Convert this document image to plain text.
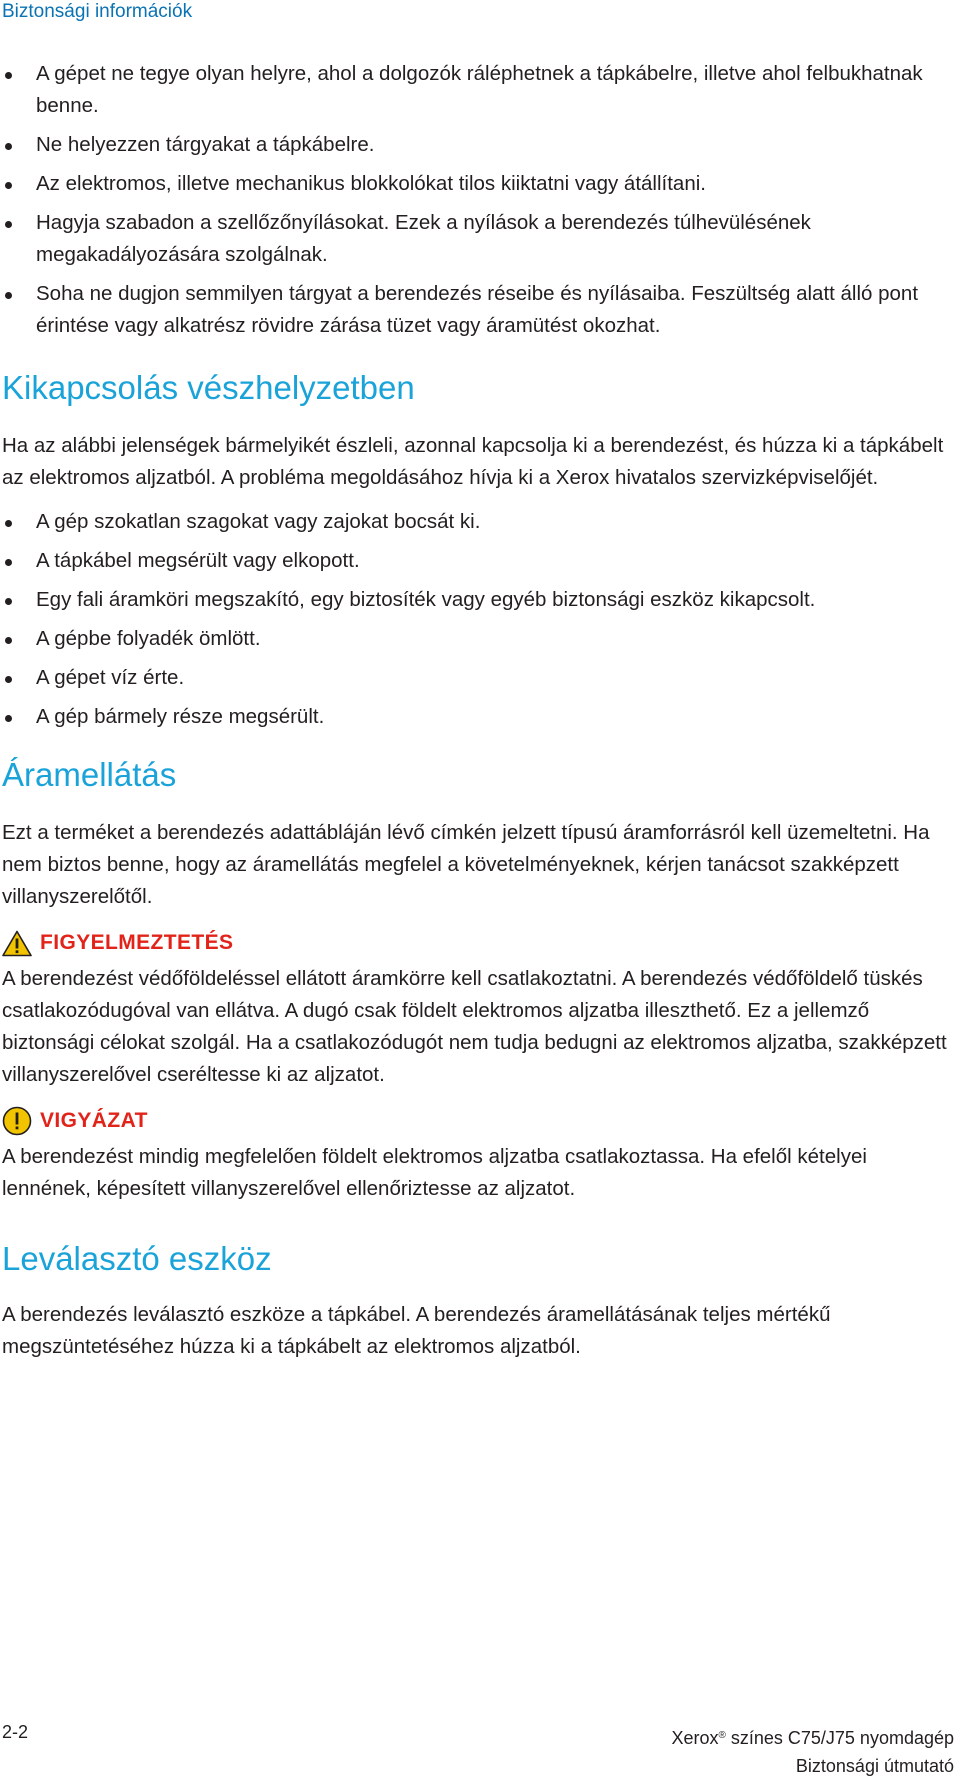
Biztonsági információk
A gépet ne tegye olyan helyre, ahol a dolgozók ráléphetnek a tápkábelre, illetve ahol felbukhatnak benne.
Ne helyezzen tárgyakat a tápkábelre.
Az elektromos, illetve mechanikus blokkolókat tilos kiiktatni vagy átállítani.
Hagyja szabadon a szellőzőnyílásokat. Ezek a nyílások a berendezés túlhevülésének megakadályozására szolgálnak.
Soha ne dugjon semmilyen tárgyat a berendezés réseibe és nyílásaiba. Feszültség alatt álló pont érintése vagy alkatrész rövidre zárása tüzet vagy áramütést okozhat.
Kikapcsolás vészhelyzetben

Ha az alábbi jelenségek bármelyikét észleli, azonnal kapcsolja ki a berendezést, és húzza ki a tápkábelt az elektromos aljzatból. A probléma megoldásához hívja ki a Xerox hivatalos szervizképviselőjét.

A gép szokatlan szagokat vagy zajokat bocsát ki.
A tápkábel megsérült vagy elkopott.
Egy fali áramköri megszakító, egy biztosíték vagy egyéb biztonsági eszköz kikapcsolt.
A gépbe folyadék ömlött.
A gépet víz érte.
A gép bármely része megsérült.
Áramellátás

Ezt a terméket a berendezés adattábláján lévő címkén jelzett típusú áramforrásról kell üzemeltetni. Ha nem biztos benne, hogy az áramellátás megfelel a követelményeknek, kérjen tanácsot szakképzett villanyszerelőtől.

FIGYELMEZTETÉS

A berendezést védőföldeléssel ellátott áramkörre kell csatlakoztatni. A berendezés védőföldelő tüskés csatlakozódugóval van ellátva. A dugó csak földelt elektromos aljzatba illeszthető. Ez a jellemző biztonsági célokat szolgál. Ha a csatlakozódugót nem tudja bedugni az elektromos aljzatba, szakképzett villanyszerelővel cseréltesse ki az aljzatot.

VIGYÁZAT

A berendezést mindig megfelelően földelt elektromos aljzatba csatlakoztassa. Ha efelől kételyei lennének, képesített villanyszerelővel ellenőriztesse az aljzatot.

Leválasztó eszköz

A berendezés leválasztó eszköze a tápkábel. A berendezés áramellátásának teljes mértékű megszüntetéséhez húzza ki a tápkábelt az elektromos aljzatból.

2-2	Xerox® színes C75/J75 nyomdagép
Biztonsági útmutató
